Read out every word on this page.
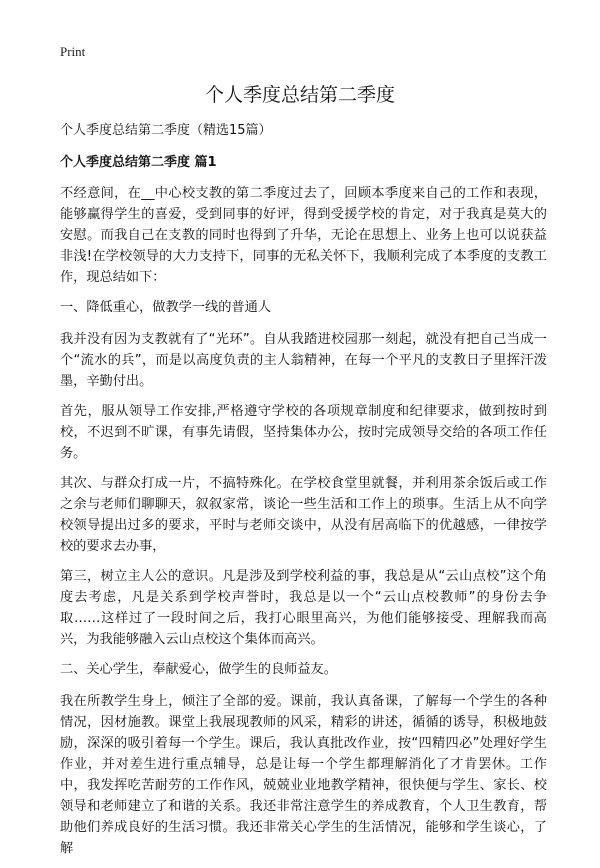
Print
个人季度总结第二季度
个人季度总结第二季度（精选15篇）
个人季度总结第二季度 篇1

不经意间，在__中心校支教的第二季度过去了，回顾本季度来自己的工作和表现，能够赢得学生的喜爱，受到同事的好评，得到受援学校的肯定，对于我真是莫大的安慰。而我自己在支教的同时也得到了升华，无论在思想上、业务上也可以说获益非浅!在学校领导的大力支持下，同事的无私关怀下，我顺利完成了本季度的支教工作，现总结如下：

一、降低重心，做教学一线的普通人

我并没有因为支教就有了“光环”。自从我踏进校园那一刻起，就没有把自己当成一个“流水的兵”，而是以高度负责的主人翁精神，在每一个平凡的支教日子里挥汗泼墨，辛勤付出。

首先，服从领导工作安排,严格遵守学校的各项规章制度和纪律要求，做到按时到校，不迟到不旷课，有事先请假，坚持集体办公，按时完成领导交给的各项工作任务。

其次、与群众打成一片，不搞特殊化。在学校食堂里就餐，并利用茶余饭后或工作之余与老师们聊聊天，叙叙家常，谈论一些生活和工作上的琐事。生活上从不向学校领导提出过多的要求，平时与老师交谈中，从没有居高临下的优越感，一律按学校的要求去办事，

第三，树立主人公的意识。凡是涉及到学校利益的事，我总是从“云山点校”这个角度去考虑，凡是关系到学校声誉时，我总是以一个“云山点校教师”的身份去争取……这样过了一段时间之后，我打心眼里高兴，为他们能够接受、理解我而高兴，为我能够融入云山点校这个集体而高兴。

二、关心学生，奉献爱心，做学生的良师益友。

我在所教学生身上，倾注了全部的爱。课前，我认真备课，了解每一个学生的各种情况，因材施教。课堂上我展现教师的风采，精彩的讲述，循循的诱导，积极地鼓励，深深的吸引着每一个学生。课后，我认真批改作业，按“四精四必”处理好学生作业，并对差生进行重点辅导，总是让每一个学生都理解消化了才肯罢休。工作中，我发挥吃苦耐劳的工作作风，兢兢业业地教学精神，很快便与学生、家长、校领导和老师建立了和谐的关系。我还非常注意学生的养成教育，个人卫生教育，帮助他们养成良好的生活习惯。我还非常关心学生的生活情况，能够和学生谈心，了解
